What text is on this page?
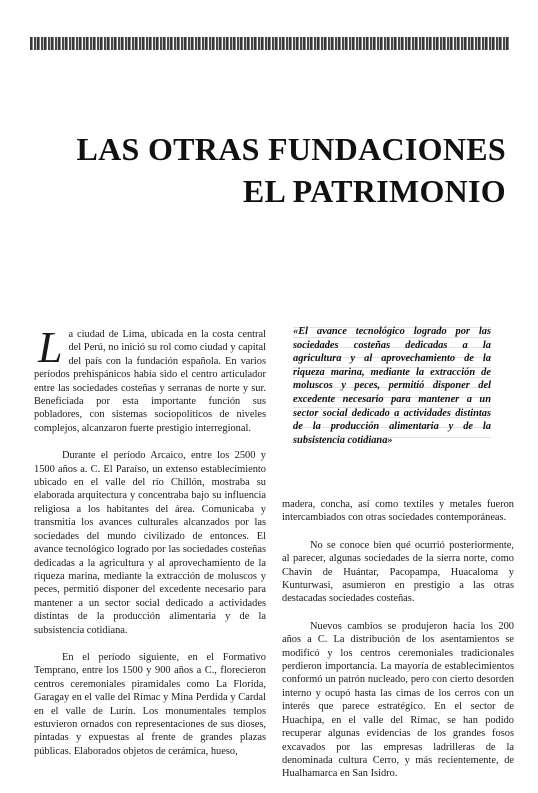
LAS OTRAS FUNDACIONES
EL PATRIMONIO

La ciudad de Lima, ubicada en la costa central del Perú, no inició su rol como ciudad y capital del país con la fundación española. En varios períodos prehispánicos había sido el centro articulador entre las sociedades costeñas y serranas de norte y sur. Beneficiada por esta importante función sus pobladores, con sistemas sociopolíticos de niveles complejos, alcanzaron fuerte prestigio interregional.

Durante el período Arcaico, entre los 2500 y 1500 años a. C. El Paraíso, un extenso establecimiento ubicado en el valle del río Chillón, mostraba su elaborada arquitectura y concentraba bajo su influencia religiosa a los habitantes del área. Comunicaba y transmitía los avances culturales alcanzados por las sociedades del mundo civilizado de entonces. El avance tecnológico logrado por las sociedades costeñas dedicadas a la agricultura y al aprovechamiento de la riqueza marina, mediante la extracción de moluscos y peces, permitió disponer del excedente necesario para mantener a un sector social dedicado a actividades distintas de la producción alimentaria y de la subsistencia cotidiana.

En el período siguiente, en el Formativo Temprano, entre los 1500 y 900 años a C., florecieron centros ceremoniales piramidales como La Florida, Garagay en el valle del Rímac y Mina Perdida y Cardal en el valle de Lurín. Los monumentales templos estuvieron ornados con representaciones de sus dioses, pintadas y expuestas al frente de grandes plazas públicas. Elaborados objetos de cerámica, hueso,

«El avance tecnológico logrado por las sociedades costeñas dedicadas a la agricultura y al aprovechamiento de la riqueza marina, mediante la extracción de moluscos y peces, permitió disponer del excedente necesario para mantener a un sector social dedicado a actividades distintas de la producción alimentaria y de la subsistencia cotidiana»

madera, concha, así como textiles y metales fueron intercambiados con otras sociedades contemporáneas.

No se conoce bien qué ocurrió posteriormente, al parecer, algunas sociedades de la sierra norte, como Chavín de Huántar, Pacopampa, Huacaloma y Kunturwasi, asumieron en prestigio a las otras destacadas sociedades costeñas.

Nuevos cambios se produjeron hacia los 200 años a C. La distribución de los asentamientos se modificó y los centros ceremoniales tradicionales perdieron importancia. La mayoría de establecimientos conformó un patrón nucleado, pero con cierto desorden interno y ocupó hasta las cimas de los cerros con un interés que parece estratégico. En el sector de Huachipa, en el valle del Rímac, se han podido recuperar algunas evidencias de los grandes fosos excavados por las empresas ladrilleras de la denominada cultura Cerro, y más recientemente, de Hualhamarca en San Isidro.
